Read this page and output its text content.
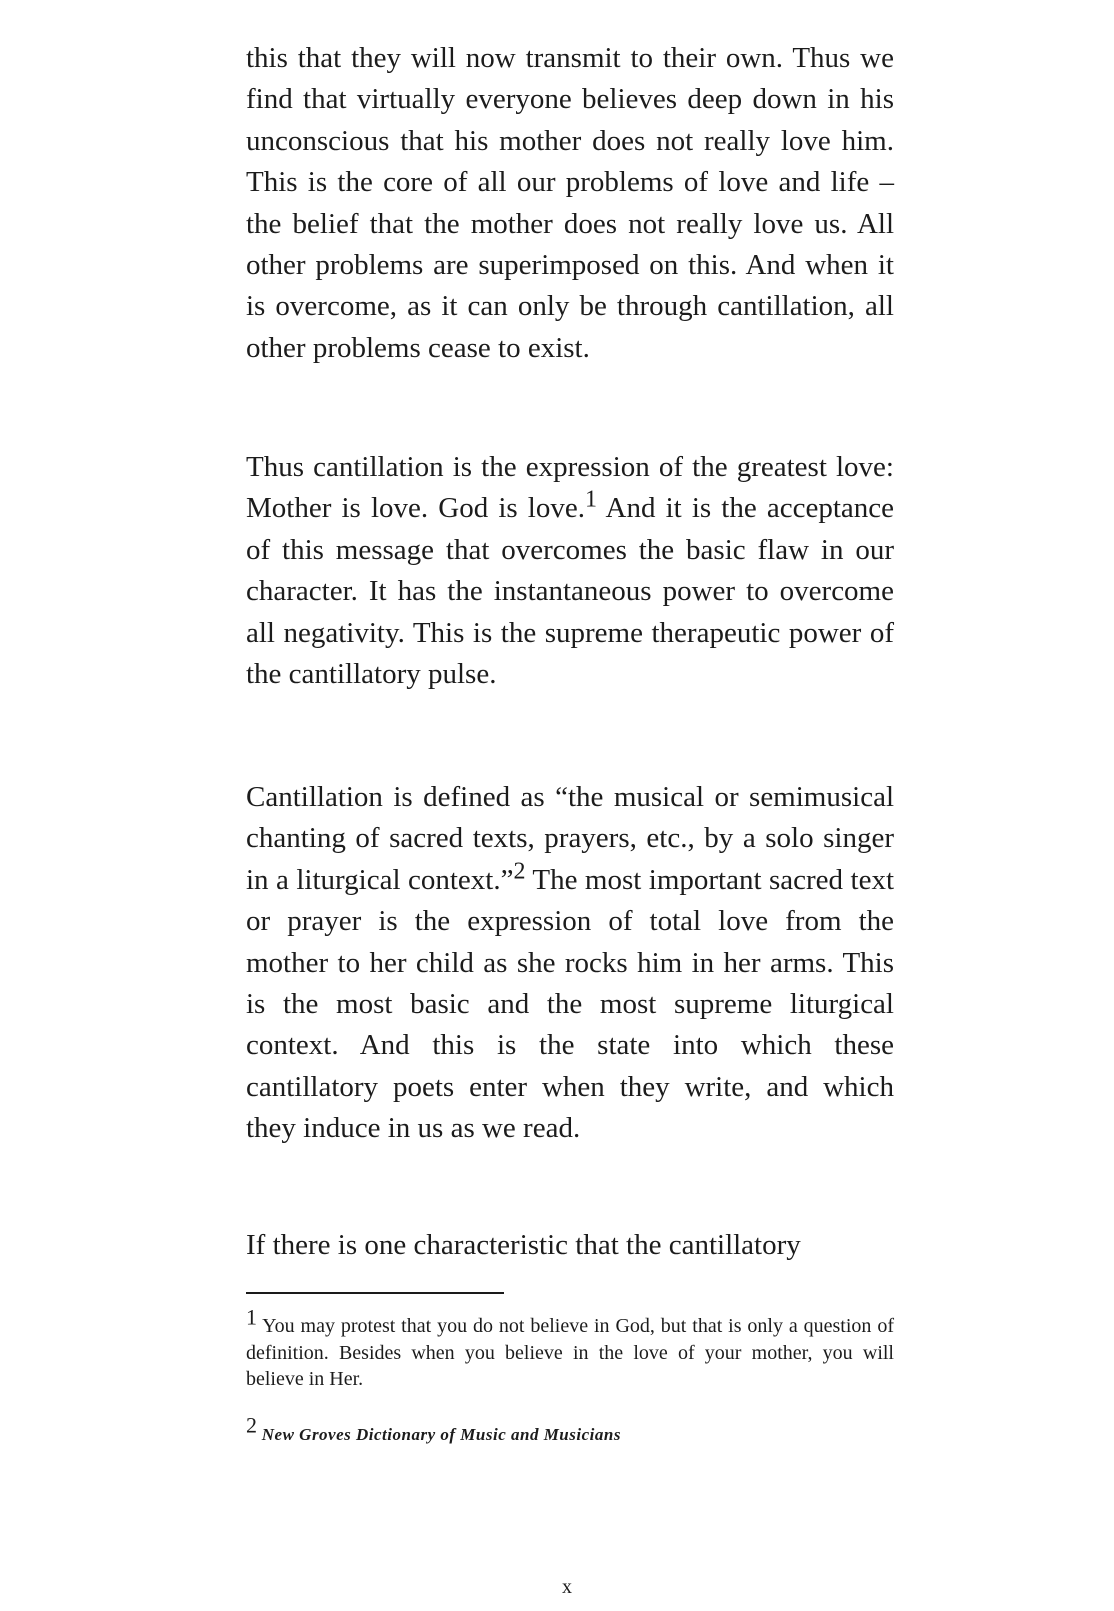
this that they will now transmit to their own. Thus we find that virtually everyone believes deep down in his unconscious that his mother does not really love him. This is the core of all our problems of love and life – the belief that the mother does not really love us. All other problems are superimposed on this. And when it is overcome, as it can only be through cantillation, all other problems cease to exist.

Thus cantillation is the expression of the greatest love: Mother is love. God is love.$^1$ And it is the acceptance of this message that overcomes the basic flaw in our character. It has the instantaneous power to overcome all negativity. This is the supreme therapeutic power of the cantillatory pulse.

Cantillation is defined as “the musical or semimusical chanting of sacred texts, prayers, etc., by a solo singer in a liturgical context.”$^2$ The most important sacred text or prayer is the expression of total love from the mother to her child as she rocks him in her arms. This is the most basic and the most supreme liturgical context. And this is the state into which these cantillatory poets enter when they write, and which they induce in us as we read.

If there is one characteristic that the cantillatory

1 You may protest that you do not believe in God, but that is only a question of definition. Besides when you believe in the love of your mother, you will believe in Her.

2 New Groves Dictionary of Music and Musicians

x
